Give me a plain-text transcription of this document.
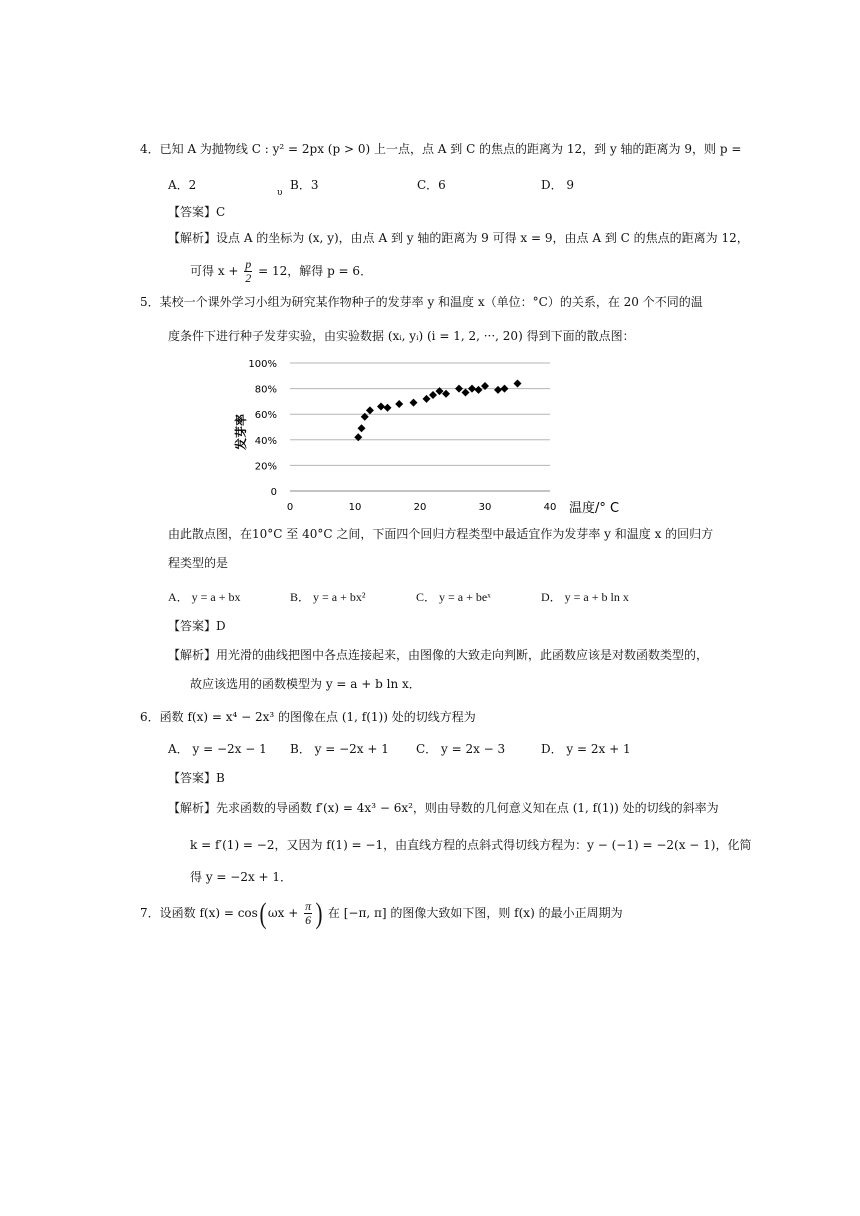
4．已知 A 为抛物线 C : y² = 2px (p > 0) 上一点，点 A 到 C 的焦点的距离为 12，到 y 轴的距离为 9，则 p =
A．2	B．3	C．6	D． 9
υ
【答案】C
【解析】设点 A 的坐标为 (x, y)，由点 A 到 y 轴的距离为 9 可得 x = 9，由点 A 到 C 的焦点的距离为 12，
可得 $x + \frac{p}{2} = 12$，解得 p = 6．
5．某校一个课外学习小组为研究某作物种子的发芽率 y 和温度 x（单位：°C）的关系，在 20 个不同的温
度条件下进行种子发芽实验，由实验数据 (xᵢ, yᵢ) (i = 1, 2, ···, 20) 得到下面的散点图：
0
20%
40%
60%
80%
100%
0	10	20	30	40
发芽率
温度/° C
由此散点图，在10°C 至 40°C 之间，下面四个回归方程类型中最适宜作为发芽率 y 和温度 x 的回归方
程类型的是
A． y = a + bx	B． y = a + bx²	C． y = a + beˣ	D． y = a + b ln x
【答案】D
【解析】用光滑的曲线把图中各点连接起来，由图像的大致走向判断，此函数应该是对数函数类型的，
故应该选用的函数模型为 y = a + b ln x．
6．函数 f(x) = x⁴ − 2x³ 的图像在点 (1, f(1)) 处的切线方程为
A． y = −2x − 1 B． y = −2x + 1 C． y = 2x − 3	D． y = 2x + 1
【答案】B
【解析】先求函数的导函数 f′(x) = 4x³ − 6x²，则由导数的几何意义知在点 (1, f(1)) 处的切线的斜率为
k = f′(1) = −2，又因为 f(1) = −1，由直线方程的点斜式得切线方程为：y − (−1) = −2(x − 1)，化简
得 y = −2x + 1．
7．设函数 f(x) = cos( $\omega x + \frac{\pi}{6}$ ) 在 [−π, π] 的图像大致如下图，则 f(x) 的最小正周期为
